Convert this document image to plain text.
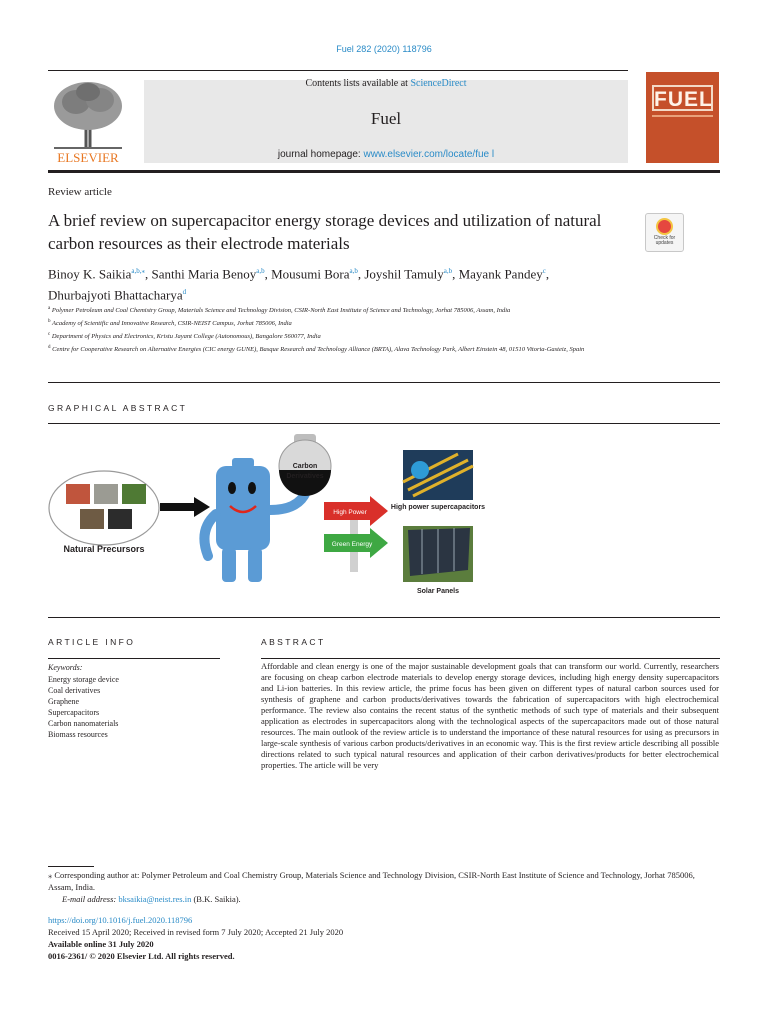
Fuel 282 (2020) 118796
ELSEVIER
Contents lists available at ScienceDirect
Fuel
journal homepage: www.elsevier.com/locate/fue l
FUEL
Review article
A brief review on supercapacitor energy storage devices and utilization of natural carbon resources as their electrode materials	Check for updates
Binoy K. Saikia$^{a,b,⁎}$, Santhi Maria Benoy$^{a,b}$, Mousumi Bora$^{a,b}$, Joyshil Tamuly$^{a,b}$, Mayank Pandey$^c$,
Dhurbajyoti Bhattacharya$^d$
$^a$ Polymer Petroleum and Coal Chemistry Group, Materials Science and Technology Division, CSIR-North East Institute of Science and Technology, Jorhat 785006, Assam, India
$^b$ Academy of Scientific and Innovative Research, CSIR-NEIST Campus, Jorhat 785006, India
$^c$ Department of Physics and Electronics, Kristu Jayant College (Autonomous), Bangalore 560077, India
$^d$ Centre for Cooperative Research on Alternative Energies (CIC energy GUNE), Basque Research and Technology Alliance (BRTA), Alava Technology Park, Albert Einstein 48, 01510 Vitoria-Gasteiz, Spain
GRAPHICAL ABSTRACT
Natural Precursors
Carbon
Derivatives
High Power
Green Energy
High power supercapacitors
Solar Panels
ARTICLE INFO	ABSTRACT
Keywords:
Energy storage device
Coal derivatives
Graphene
Supercapacitors
Carbon nanomaterials
Biomass resources
Affordable and clean energy is one of the major sustainable development goals that can transform our world. Currently, researchers are focusing on cheap carbon electrode materials to develop energy storage devices, including high energy density supercapacitors and Li-ion batteries. In this review article, the prime focus has been given on different types of natural carbon sources used for synthesis of graphene and carbon products/derivatives towards the fabrication of supercapacitors with high electrochemical performance. The review also contains the recent status of the synthetic methods of such type of materials and their subsequent application as electrodes in supercapacitors along with the technological aspects of the supercapacitors made out of those natural resources. The main outlook of the review article is to understand the importance of these natural resources for using as precursors in large-scale synthesis of various carbon products/derivatives in an economic way. This is the first review article describing all possible directions related to such typical natural resources and application of their carbon derivatives/products for better electrochemical properties. The article will be very
⁎ Corresponding author at: Polymer Petroleum and Coal Chemistry Group, Materials Science and Technology Division, CSIR-North East Institute of Science and Technology, Jorhat 785006, Assam, India.
E-mail address: bksaikia@neist.res.in (B.K. Saikia).
https://doi.org/10.1016/j.fuel.2020.118796
Received 15 April 2020; Received in revised form 7 July 2020; Accepted 21 July 2020
Available online 31 July 2020
0016-2361/ © 2020 Elsevier Ltd. All rights reserved.
